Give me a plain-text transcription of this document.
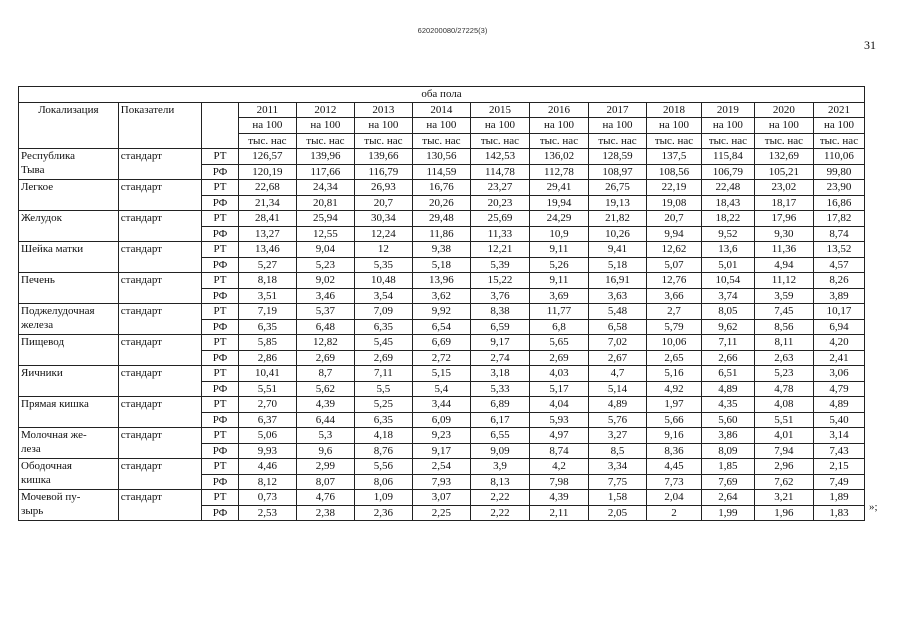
620200080/27225(3)
31
оба пола													
Локализация	Показатели		2011	2012	2013	2014	2015	2016	2017	2018	2019	2020	2021
			на 100	на 100	на 100	на 100	на 100	на 100	на 100	на 100	на 100	на 100	на 100
			тыс. нас	тыс. нас	тыс. нас	тыс. нас	тыс. нас	тыс. нас	тыс. нас	тыс. нас	тыс. нас	тыс. нас	тыс. нас

Республика
Тыва	стандарт	РТ	126,57	139,96	139,66	130,56	142,53	136,02	128,59	137,5	115,84	132,69	110,06
		РФ	120,19	117,66	116,79	114,59	114,78	112,78	108,97	108,56	106,79	105,21	99,80

Легкое	стандарт	РТ	22,68	24,34	26,93	16,76	23,27	29,41	26,75	22,19	22,48	23,02	23,90
		РФ	21,34	20,81	20,7	20,26	20,23	19,94	19,13	19,08	18,43	18,17	16,86

Желудок	стандарт	РТ	28,41	25,94	30,34	29,48	25,69	24,29	21,82	20,7	18,22	17,96	17,82
		РФ	13,27	12,55	12,24	11,86	11,33	10,9	10,26	9,94	9,52	9,30	8,74

Шейка матки	стандарт	РТ	13,46	9,04	12	9,38	12,21	9,11	9,41	12,62	13,6	11,36	13,52
		РФ	5,27	5,23	5,35	5,18	5,39	5,26	5,18	5,07	5,01	4,94	4,57

Печень	стандарт	РТ	8,18	9,02	10,48	13,96	15,22	9,11	16,91	12,76	10,54	11,12	8,26
		РФ	3,51	3,46	3,54	3,62	3,76	3,69	3,63	3,66	3,74	3,59	3,89

Поджелудочная
железа	стандарт	РТ	7,19	5,37	7,09	9,92	8,38	11,77	5,48	2,7	8,05	7,45	10,17
		РФ	6,35	6,48	6,35	6,54	6,59	6,8	6,58	5,79	9,62	8,56	6,94

Пищевод	стандарт	РТ	5,85	12,82	5,45	6,69	9,17	5,65	7,02	10,06	7,11	8,11	4,20
		РФ	2,86	2,69	2,69	2,72	2,74	2,69	2,67	2,65	2,66	2,63	2,41

Яичники	стандарт	РТ	10,41	8,7	7,11	5,15	3,18	4,03	4,7	5,16	6,51	5,23	3,06
		РФ	5,51	5,62	5,5	5,4	5,33	5,17	5,14	4,92	4,89	4,78	4,79

Прямая кишка	стандарт	РТ	2,70	4,39	5,25	3,44	6,89	4,04	4,89	1,97	4,35	4,08	4,89
		РФ	6,37	6,44	6,35	6,09	6,17	5,93	5,76	5,66	5,60	5,51	5,40

Молочная же-
леза	стандарт	РТ	5,06	5,3	4,18	9,23	6,55	4,97	3,27	9,16	3,86	4,01	3,14
		РФ	9,93	9,6	8,76	9,17	9,09	8,74	8,5	8,36	8,09	7,94	7,43

Ободочная
кишка	стандарт	РТ	4,46	2,99	5,56	2,54	3,9	4,2	3,34	4,45	1,85	2,96	2,15
		РФ	8,12	8,07	8,06	7,93	8,13	7,98	7,75	7,73	7,69	7,62	7,49

Мочевой пу-
зырь	стандарт	РТ	0,73	4,76	1,09	3,07	2,22	4,39	1,58	2,04	2,64	3,21	1,89
		РФ	2,53	2,38	2,36	2,25	2,22	2,11	2,05	2	1,99	1,96	1,83 »;
